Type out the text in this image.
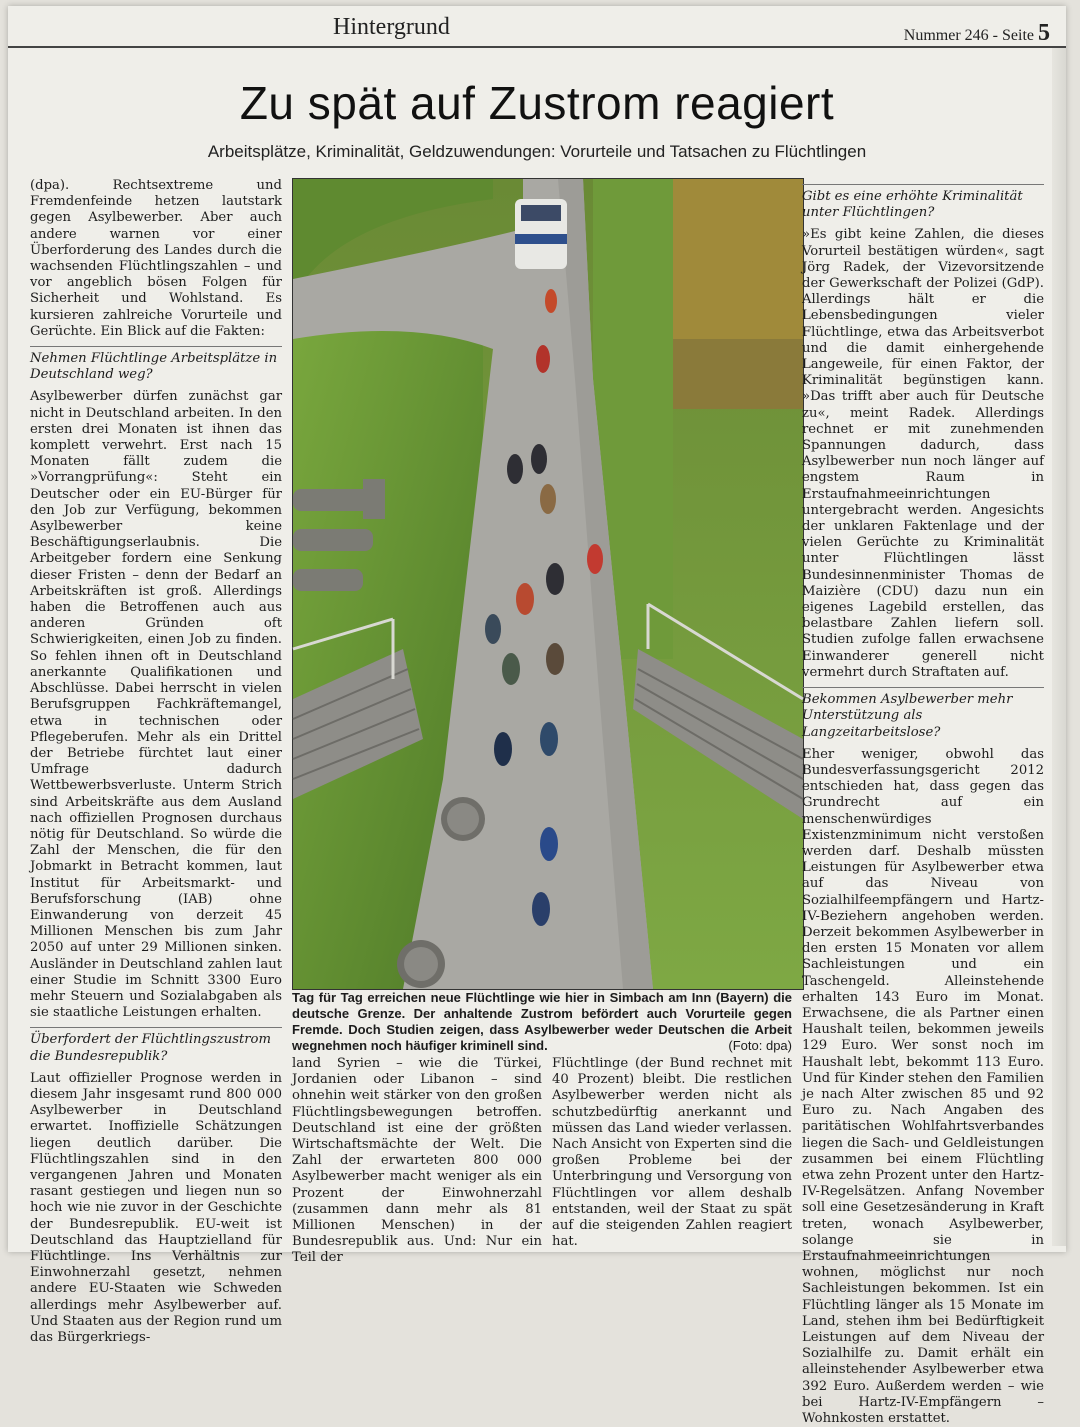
Hintergrund	Nummer 246 - Seite 5
Zu spät auf Zustrom reagiert
Arbeitsplätze, Kriminalität, Geldzuwendungen: Vorurteile und Tatsachen zu Flüchtlingen

(dpa). Rechtsextreme und Fremdenfeinde hetzen lautstark gegen Asylbewerber. Aber auch andere warnen vor einer Überforderung des Landes durch die wachsenden Flüchtlingszahlen – und vor angeblich bösen Folgen für Sicherheit und Wohlstand. Es kursieren zahlreiche Vorurteile und Gerüchte. Ein Blick auf die Fakten:

Nehmen Flüchtlinge Arbeitsplätze in Deutschland weg?

Asylbewerber dürfen zunächst gar nicht in Deutschland arbeiten. In den ersten drei Monaten ist ihnen das komplett verwehrt. Erst nach 15 Monaten fällt zudem die »Vorrangprüfung«: Steht ein Deutscher oder ein EU-Bürger für den Job zur Verfügung, bekommen Asylbewerber keine Beschäftigungserlaubnis. Die Arbeitgeber fordern eine Senkung dieser Fristen – denn der Bedarf an Arbeitskräften ist groß. Allerdings haben die Betroffenen auch aus anderen Gründen oft Schwierigkeiten, einen Job zu finden. So fehlen ihnen oft in Deutschland anerkannte Qualifikationen und Abschlüsse. Dabei herrscht in vielen Berufsgruppen Fachkräftemangel, etwa in technischen oder Pflegeberufen. Mehr als ein Drittel der Betriebe fürchtet laut einer Umfrage dadurch Wettbewerbsverluste. Unterm Strich sind Arbeitskräfte aus dem Ausland nach offiziellen Prognosen durchaus nötig für Deutschland. So würde die Zahl der Menschen, die für den Jobmarkt in Betracht kommen, laut Institut für Arbeitsmarkt- und Berufsforschung (IAB) ohne Einwanderung von derzeit 45 Millionen Menschen bis zum Jahr 2050 auf unter 29 Millionen sinken. Ausländer in Deutschland zahlen laut einer Studie im Schnitt 3300 Euro mehr Steuern und Sozialabgaben als sie staatliche Leistungen erhalten.

Überfordert der Flüchtlingszustrom die Bundesrepublik?

Laut offizieller Prognose werden in diesem Jahr insgesamt rund 800 000 Asylbewerber in Deutschland erwartet. Inoffizielle Schätzungen liegen deutlich darüber. Die Flüchtlingszahlen sind in den vergangenen Jahren und Monaten rasant gestiegen und liegen nun so hoch wie nie zuvor in der Geschichte der Bundesrepublik. EU-weit ist Deutschland das Hauptzielland für Flüchtlinge. Ins Verhältnis zur Einwohnerzahl gesetzt, nehmen andere EU-Staaten wie Schweden allerdings mehr Asylbewerber auf. Und Staaten aus der Region rund um das Bürgerkriegs-

Tag für Tag erreichen neue Flüchtlinge wie hier in Simbach am Inn (Bayern) die deutsche Grenze. Der anhaltende Zustrom befördert auch Vorurteile gegen Fremde. Doch Studien zeigen, dass Asylbewerber weder Deutschen die Arbeit wegnehmen noch häufiger kriminell sind.	(Foto: dpa)

land Syrien – wie die Türkei, Jordanien oder Libanon – sind ohnehin weit stärker von den großen Flüchtlingsbewegungen betroffen. Deutschland ist eine der größten Wirtschaftsmächte der Welt. Die Zahl der erwarteten 800 000 Asylbewerber macht weniger als ein Prozent der Einwohnerzahl (zusammen dann mehr als 81 Millionen Menschen) in der Bundesrepublik aus. Und: Nur ein Teil der

Flüchtlinge (der Bund rechnet mit 40 Prozent) bleibt. Die restlichen Asylbewerber werden nicht als schutzbedürftig anerkannt und müssen das Land wieder verlassen. Nach Ansicht von Experten sind die großen Probleme bei der Unterbringung und Versorgung von Flüchtlingen vor allem deshalb entstanden, weil der Staat zu spät auf die steigenden Zahlen reagiert hat.

Gibt es eine erhöhte Kriminalität unter Flüchtlingen?

»Es gibt keine Zahlen, die dieses Vorurteil bestätigen würden«, sagt Jörg Radek, der Vizevorsitzende der Gewerkschaft der Polizei (GdP). Allerdings hält er die Lebensbedingungen vieler Flüchtlinge, etwa das Arbeitsverbot und die damit einhergehende Langeweile, für einen Faktor, der Kriminalität begünstigen kann. »Das trifft aber auch für Deutsche zu«, meint Radek. Allerdings rechnet er mit zunehmenden Spannungen dadurch, dass Asylbewerber nun noch länger auf engstem Raum in Erstaufnahmeeinrichtungen untergebracht werden. Angesichts der unklaren Faktenlage und der vielen Gerüchte zu Kriminalität unter Flüchtlingen lässt Bundesinnenminister Thomas de Maizière (CDU) dazu nun ein eigenes Lagebild erstellen, das belastbare Zahlen liefern soll. Studien zufolge fallen erwachsene Einwanderer generell nicht vermehrt durch Straftaten auf.

Bekommen Asylbewerber mehr Unterstützung als Langzeitarbeitslose?

Eher weniger, obwohl das Bundesverfassungsgericht 2012 entschieden hat, dass gegen das Grundrecht auf ein menschenwürdiges Existenzminimum nicht verstoßen werden darf. Deshalb müssten Leistungen für Asylbewerber etwa auf das Niveau von Sozialhilfeempfängern und Hartz-IV-Beziehern angehoben werden. Derzeit bekommen Asylbewerber in den ersten 15 Monaten vor allem Sachleistungen und ein Taschengeld. Alleinstehende erhalten 143 Euro im Monat. Erwachsene, die als Partner einen Haushalt teilen, bekommen jeweils 129 Euro. Wer sonst noch im Haushalt lebt, bekommt 113 Euro. Und für Kinder stehen den Familien je nach Alter zwischen 85 und 92 Euro zu. Nach Angaben des paritätischen Wohlfahrtsverbandes liegen die Sach- und Geldleistungen zusammen bei einem Flüchtling etwa zehn Prozent unter den Hartz-IV-Regelsätzen. Anfang November soll eine Gesetzesänderung in Kraft treten, wonach Asylbewerber, solange sie in Erstaufnahmeeinrichtungen wohnen, möglichst nur noch Sachleistungen bekommen. Ist ein Flüchtling länger als 15 Monate im Land, stehen ihm bei Bedürftigkeit Leistungen auf dem Niveau der Sozialhilfe zu. Damit erhält ein alleinstehender Asylbewerber etwa 392 Euro. Außerdem werden – wie bei Hartz-IV-Empfängern – Wohnkosten erstattet.
